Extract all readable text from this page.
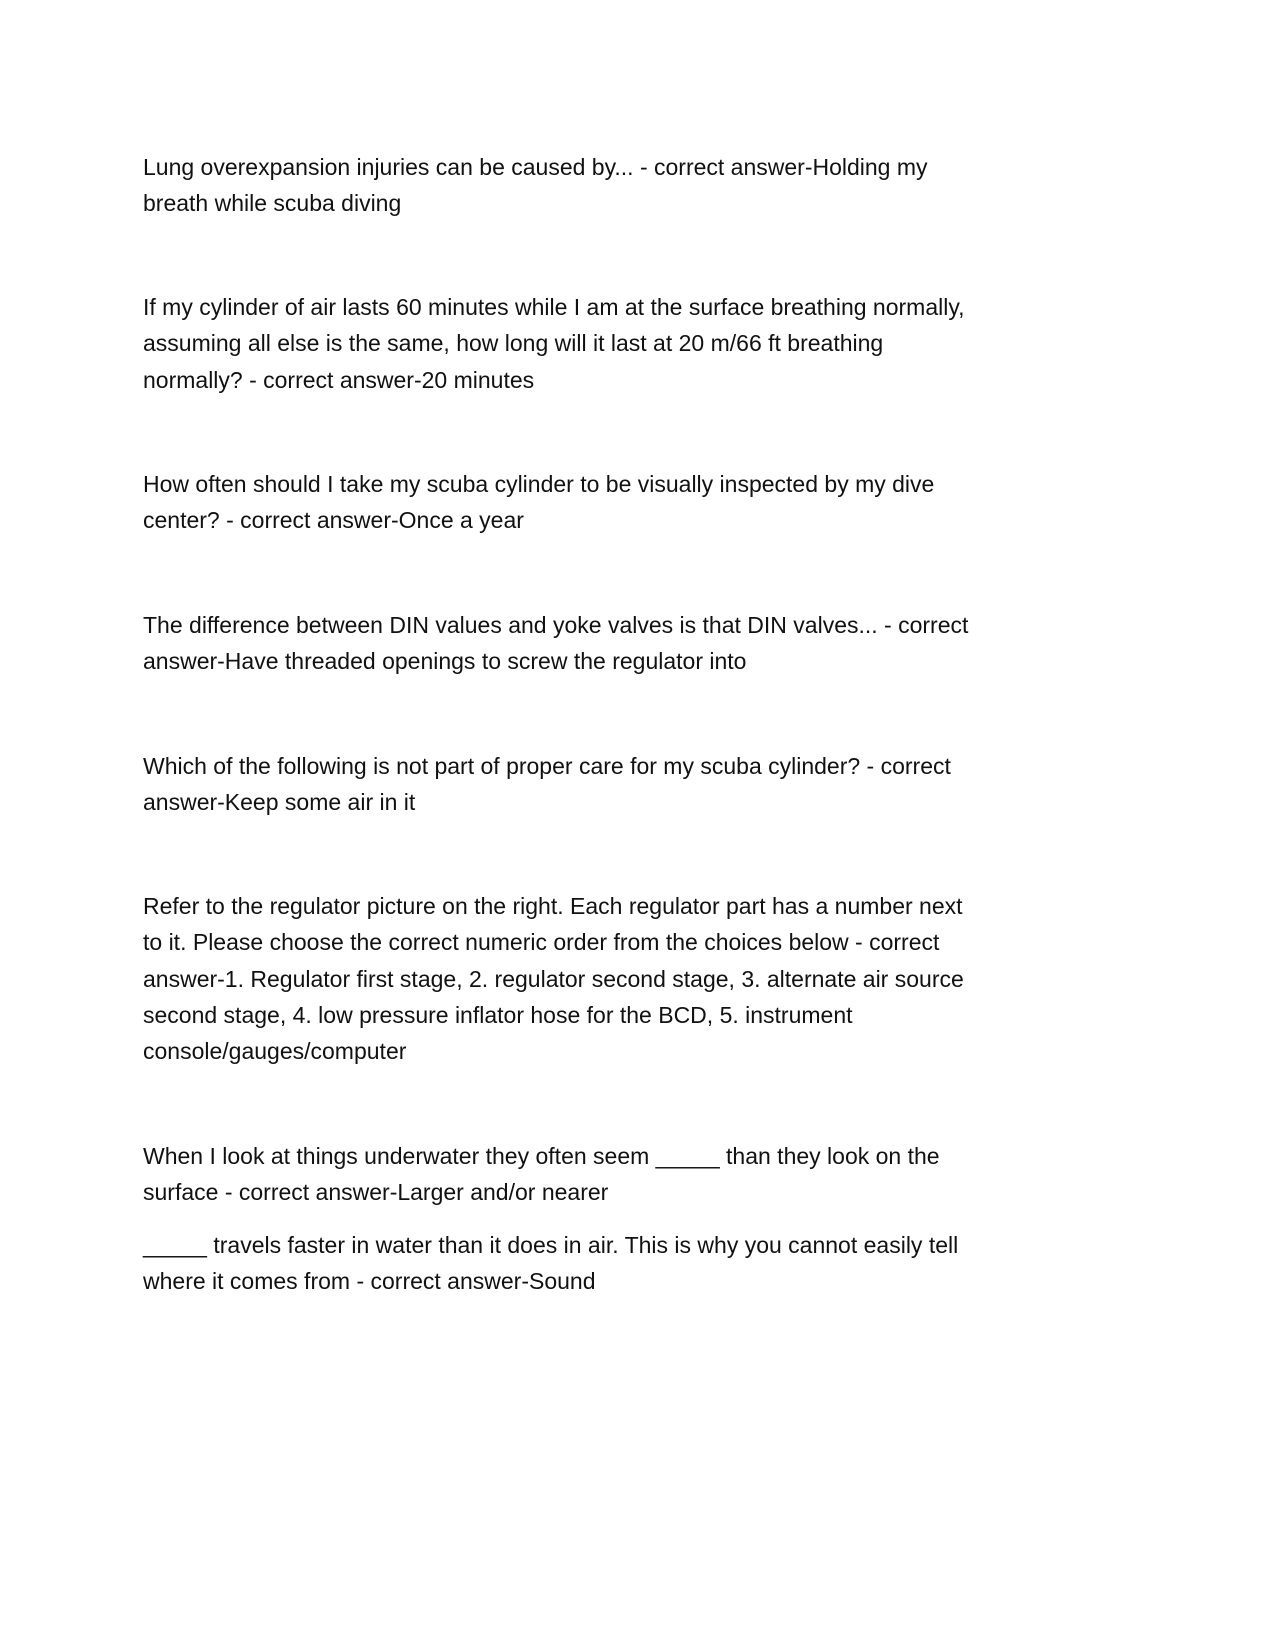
Lung overexpansion injuries can be caused by... - correct answer-Holding my
breath while scuba diving
If my cylinder of air lasts 60 minutes while I am at the surface breathing normally,
assuming all else is the same, how long will it last at 20 m/66 ft breathing
normally? - correct answer-20 minutes
How often should I take my scuba cylinder to be visually inspected by my dive
center? - correct answer-Once a year
The difference between DIN values and yoke valves is that DIN valves... - correct
answer-Have threaded openings to screw the regulator into
Which of the following is not part of proper care for my scuba cylinder? - correct
answer-Keep some air in it
Refer to the regulator picture on the right. Each regulator part has a number next
to it. Please choose the correct numeric order from the choices below - correct
answer-1. Regulator first stage, 2. regulator second stage, 3. alternate air source
second stage, 4. low pressure inflator hose for the BCD, 5. instrument
console/gauges/computer
When I look at things underwater they often seem _____ than they look on the
surface - correct answer-Larger and/or nearer
_____ travels faster in water than it does in air. This is why you cannot easily tell
where it comes from - correct answer-Sound
